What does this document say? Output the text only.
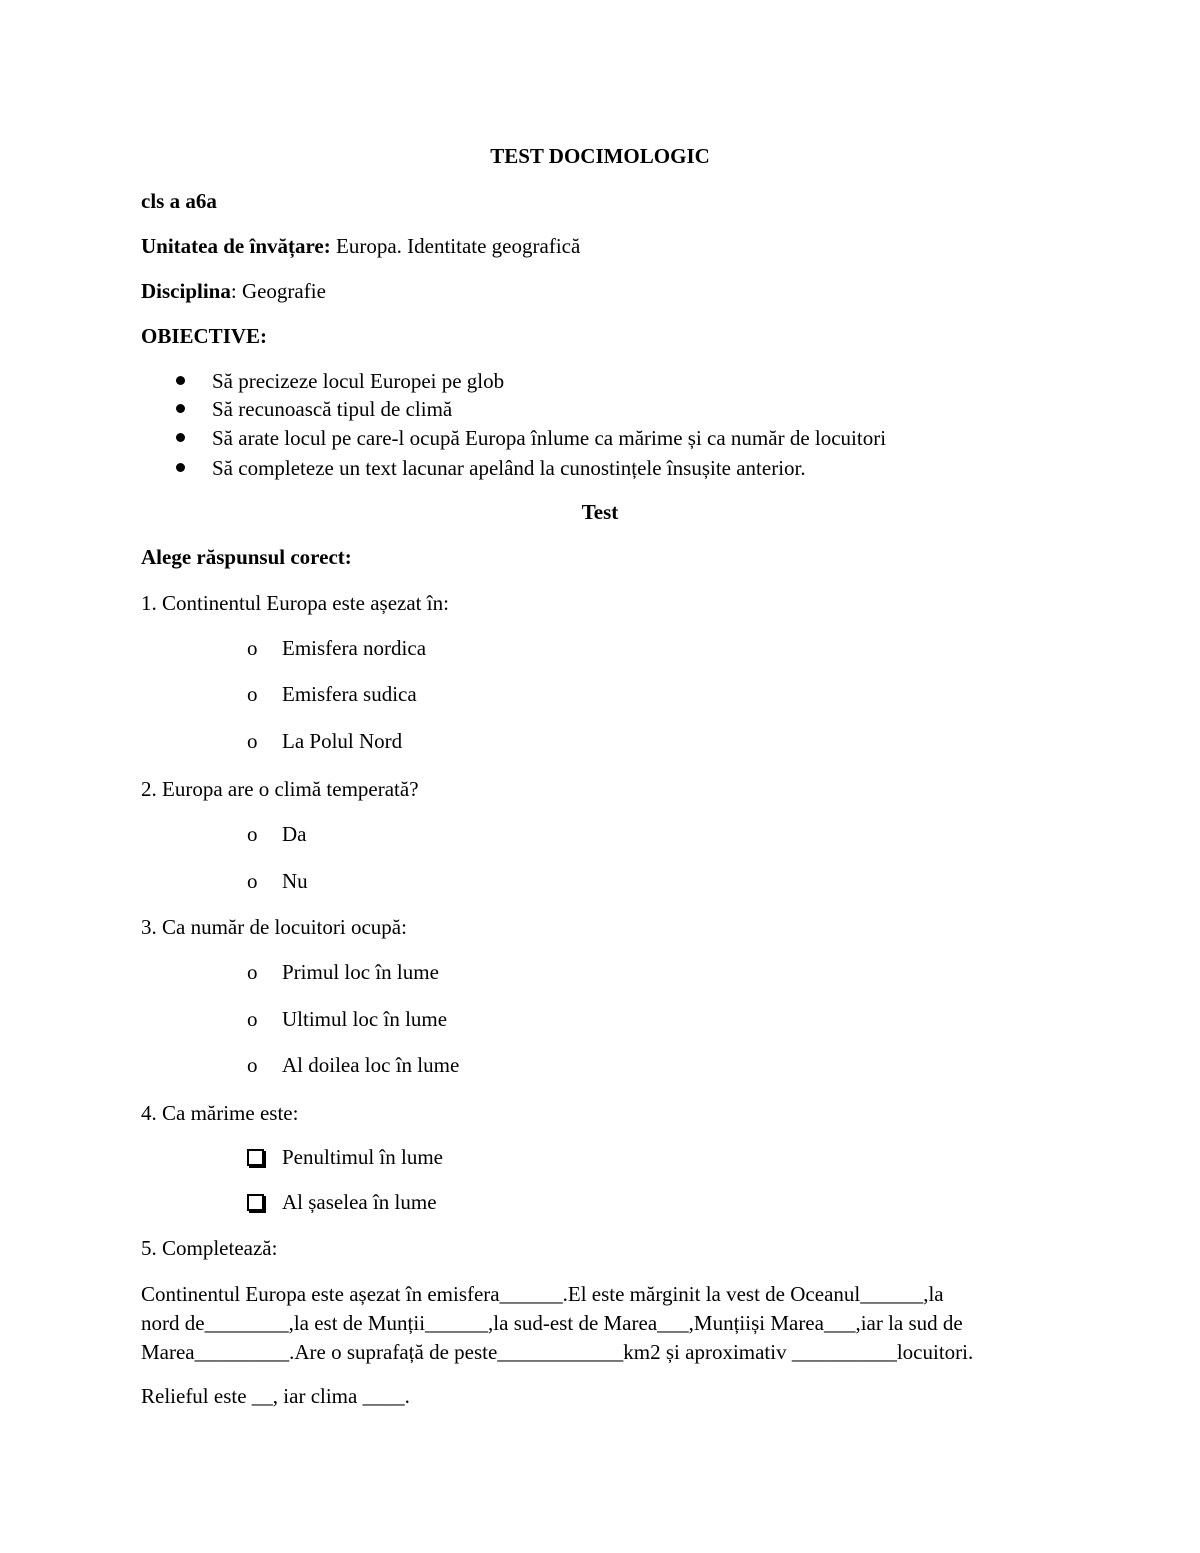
TEST DOCIMOLOGIC
cls a a6a
Unitatea de învățare: Europa. Identitate geografică
Disciplina: Geografie
OBIECTIVE:
Să precizeze locul Europei pe glob
Să recunoască tipul de climă
Să arate locul pe care-l ocupă Europa înlume ca mărime și ca număr de locuitori
Să completeze un text lacunar apelând la cunostințele însușite anterior.
Test
Alege răspunsul corect:
1. Continentul Europa este așezat în:
o Emisfera nordica
o Emisfera sudica
o La Polul Nord
2. Europa are o climă temperată?
o Da
o Nu
3. Ca număr de locuitori ocupă:
o Primul loc în lume
o Ultimul loc în lume
o Al doilea loc în lume
4. Ca mărime este:
Penultimul în lume
Al șaselea în lume
5. Completează:
Continentul Europa este așezat în emisfera______.El este mărginit la vest de Oceanul______,la
nord de________,la est de Munții______,la sud-est de Marea___,Munțiiși Marea___,iar la sud de
Marea_________.Are o suprafață de peste____________km2 și aproximativ __________locuitori.
Relieful este __, iar clima ____.
